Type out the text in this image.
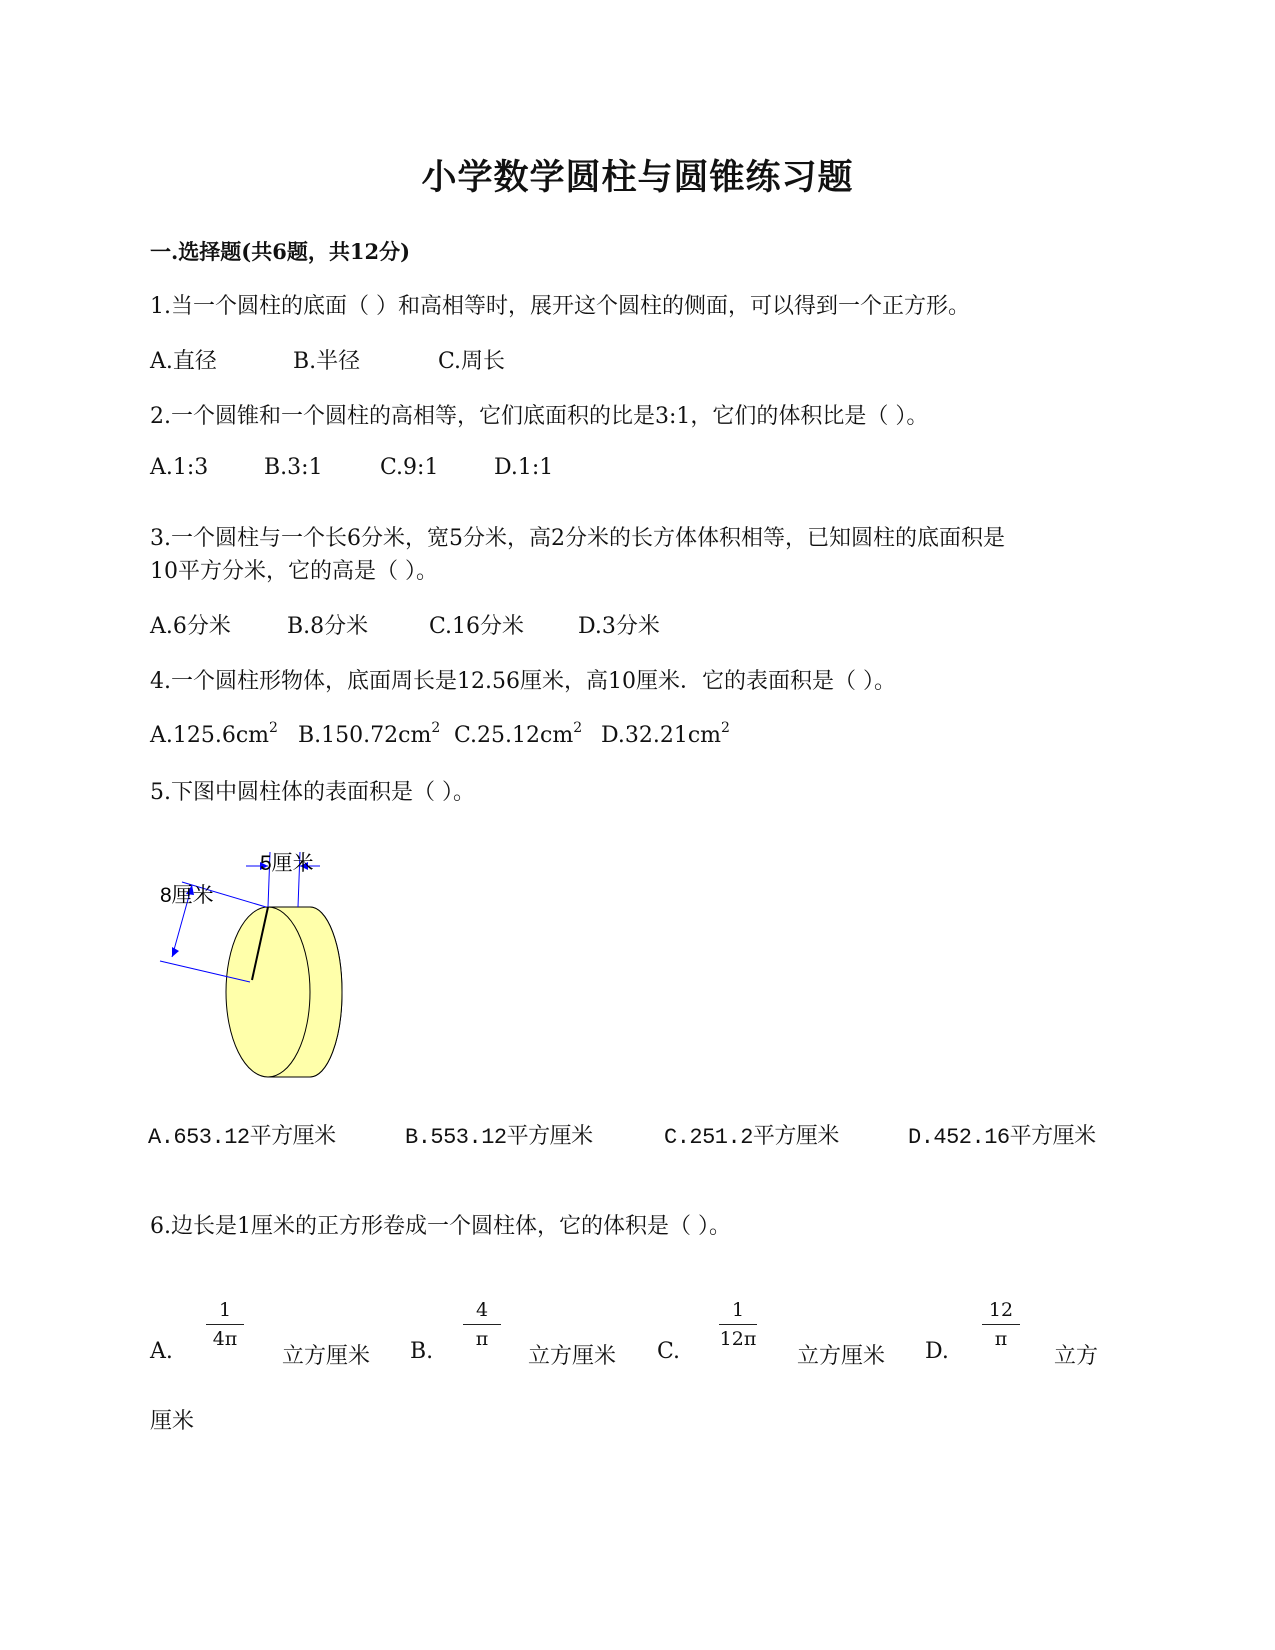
小学数学圆柱与圆锥练习题
一.选择题(共6题，共12分)
1.当一个圆柱的底面（ ）和高相等时，展开这个圆柱的侧面，可以得到一个正方形。
A.直径	B.半径	C.周长
2.一个圆锥和一个圆柱的高相等，它们底面积的比是3:1，它们的体积比是（ ）。
A.1:3	B.3:1	C.9:1	D.1:1
3.一个圆柱与一个长6分米，宽5分米，高2分米的长方体体积相等，已知圆柱的底面积是
10平方分米，它的高是（ ）。
A.6分米	B.8分米	C.16分米 D.3分米
4.一个圆柱形物体，底面周长是12.56厘米，高10厘米．它的表面积是（ ）。
$A.125.6cm^2$ $B.150.72cm^2$ $C.25.12cm^2$ $D.32.21cm^2$
5.下图中圆柱体的表面积是（ ）。
5厘米
8厘米
A.653.12平方厘米	B.553.12平方厘米	C.251.2平方厘米	D.452.16平方厘米
6.边长是1厘米的正方形卷成一个圆柱体，它的体积是（ ）。
A.
1
4π
立方厘米 B.
4
π
立方厘米 C.
1
12π
立方厘米 D.
12
π
立方
厘米
